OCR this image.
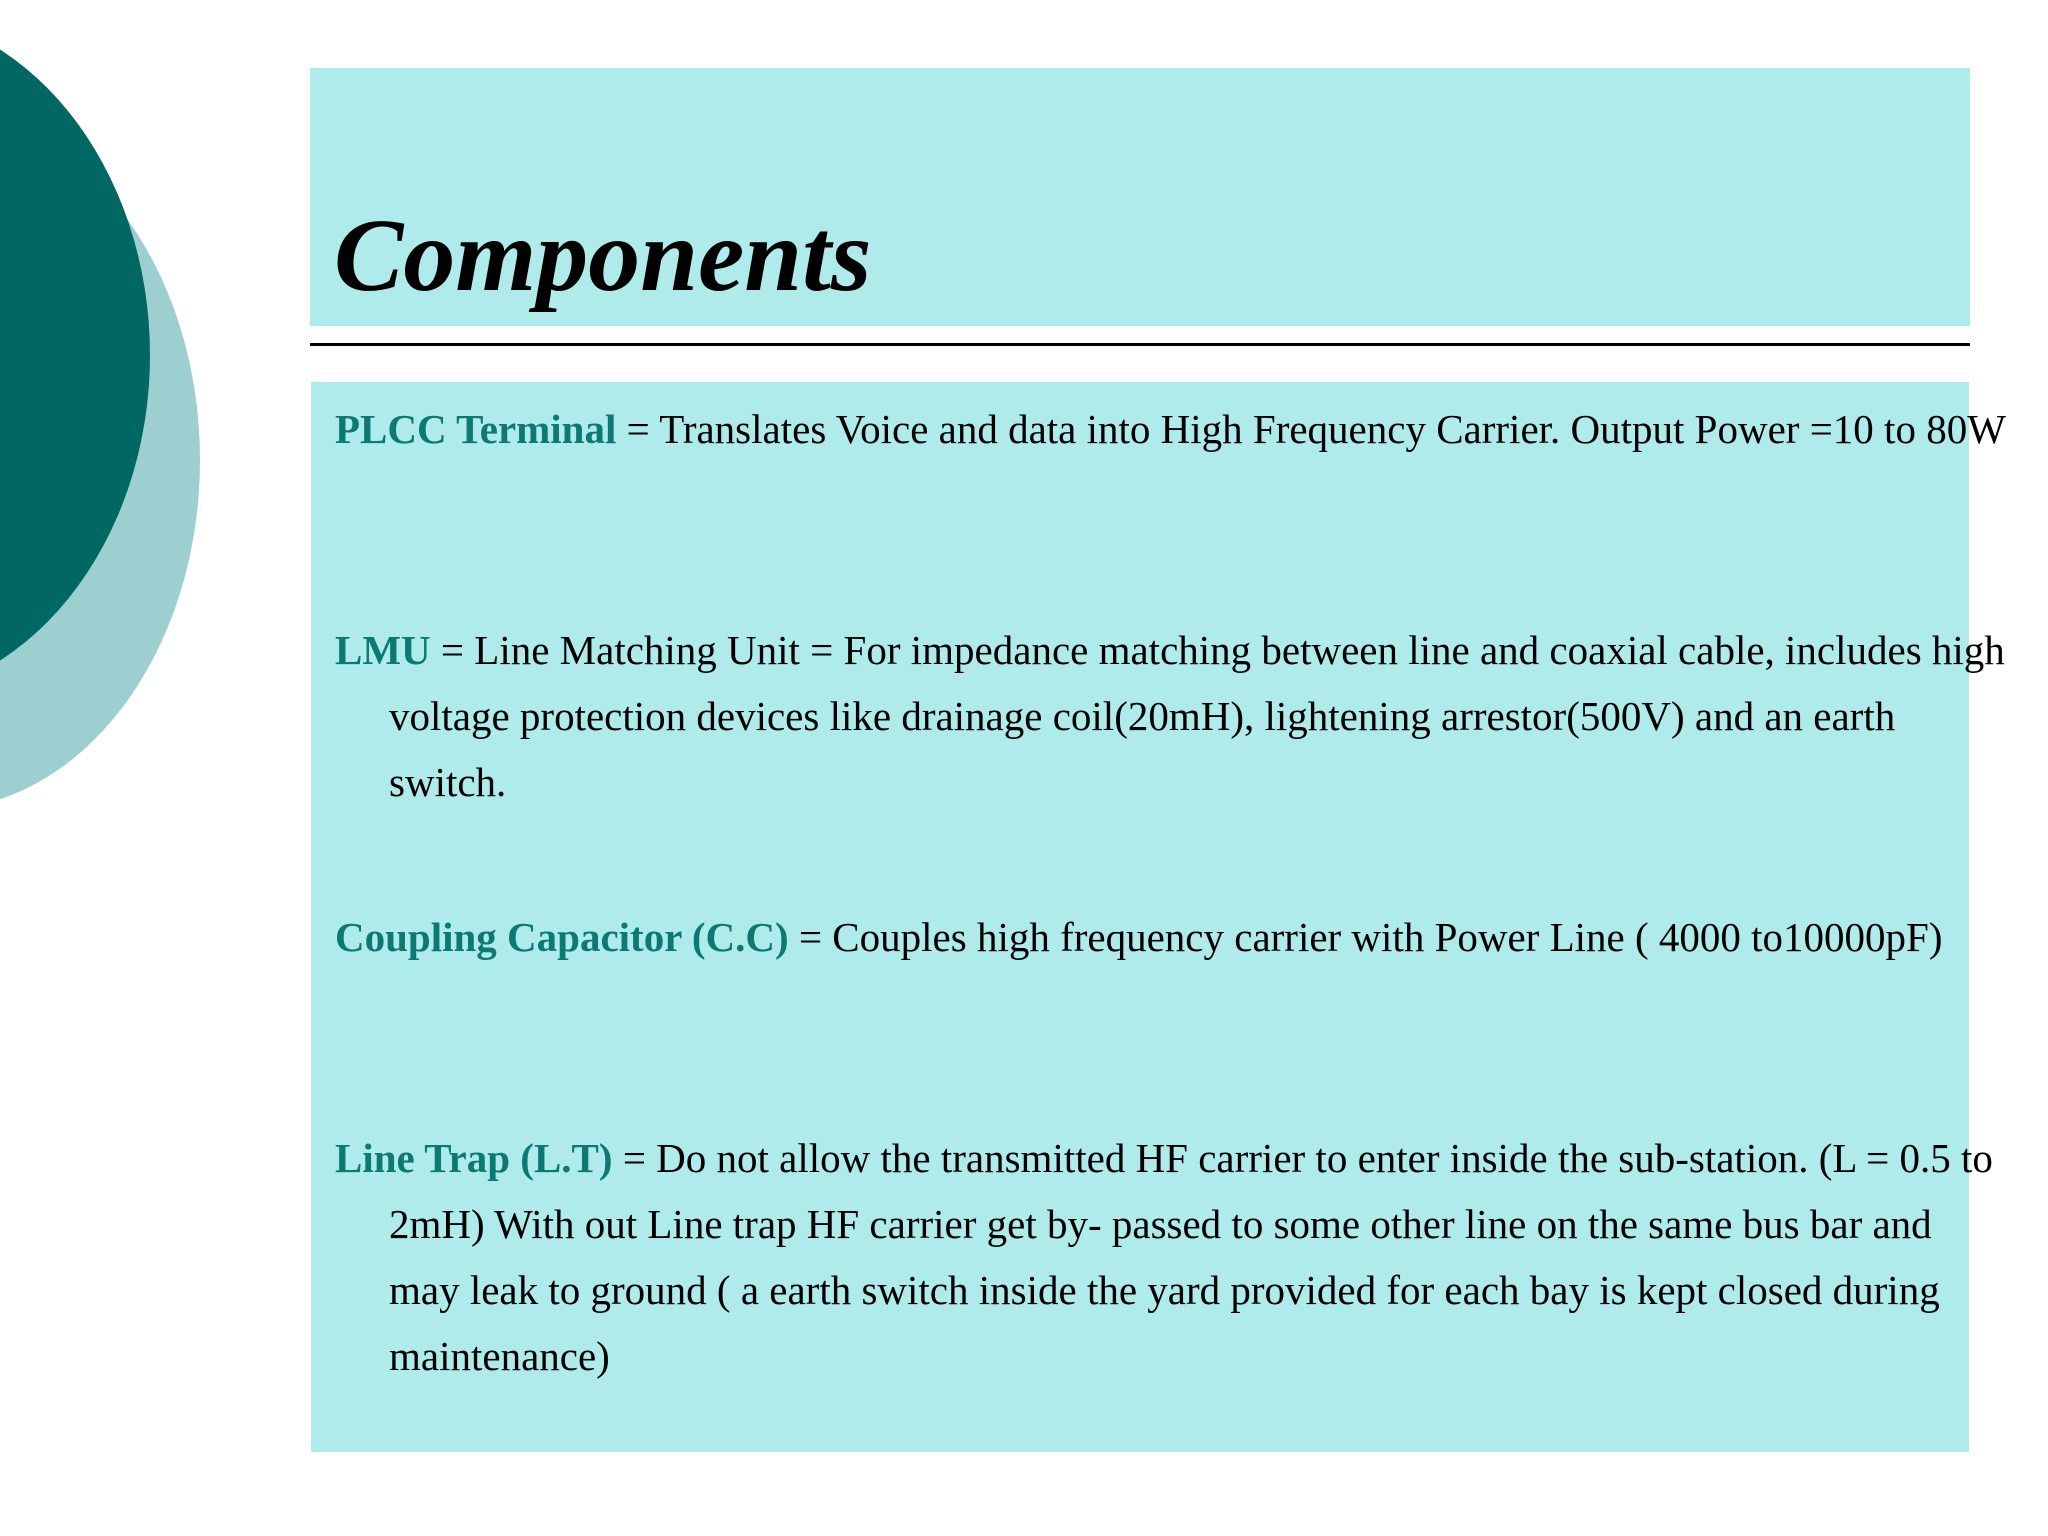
Components

PLCC Terminal = Translates Voice and data into High Frequency Carrier. Output Power =10 to 80W

LMU = Line Matching Unit = For impedance matching between line and coaxial cable, includes high voltage protection devices like drainage coil(20mH), lightening arrestor(500V) and an earth switch.

Coupling Capacitor (C.C) = Couples high frequency carrier with Power Line ( 4000 to10000pF)

Line Trap (L.T) = Do not allow the transmitted HF carrier to enter inside the sub-station. (L = 0.5 to 2mH) With out Line trap HF carrier get by- passed to some other line on the same bus bar and may leak to ground ( a earth switch inside the yard provided for each bay is kept closed during maintenance)
